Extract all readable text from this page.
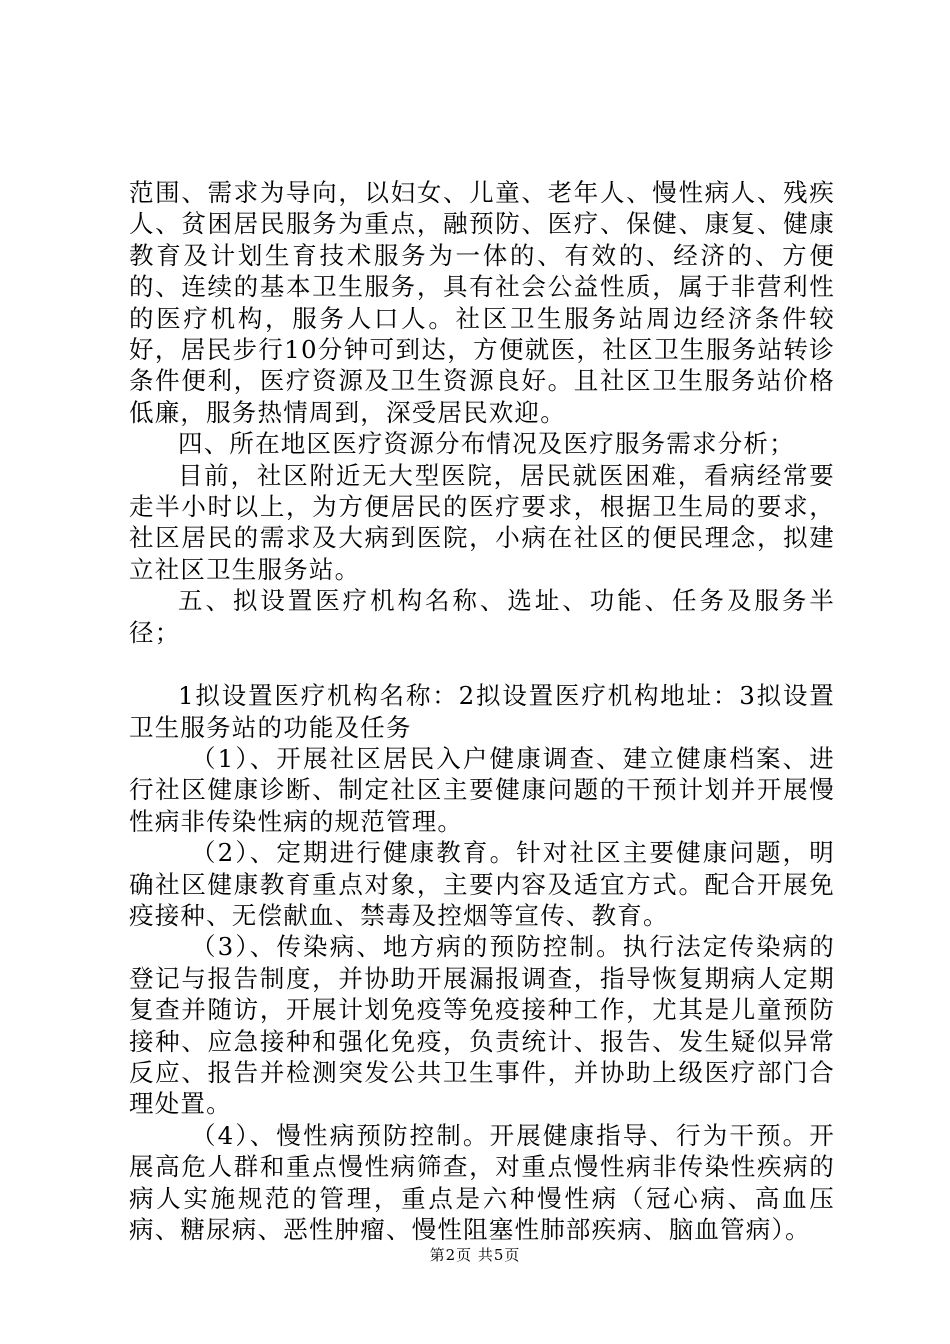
范围、需求为导向，以妇女、儿童、老年人、慢性病人、残疾人、贫困居民服务为重点，融预防、医疗、保健、康复、健康教育及计划生育技术服务为一体的、有效的、经济的、方便的、连续的基本卫生服务，具有社会公益性质，属于非营利性的医疗机构，服务人口人。社区卫生服务站周边经济条件较好，居民步行10分钟可到达，方便就医，社区卫生服务站转诊条件便利，医疗资源及卫生资源良好。且社区卫生服务站价格低廉，服务热情周到，深受居民欢迎。

四、所在地区医疗资源分布情况及医疗服务需求分析；

目前，社区附近无大型医院，居民就医困难，看病经常要走半小时以上，为方便居民的医疗要求，根据卫生局的要求，社区居民的需求及大病到医院，小病在社区的便民理念，拟建立社区卫生服务站。

五、拟设置医疗机构名称、选址、功能、任务及服务半径；

1拟设置医疗机构名称：2拟设置医疗机构地址：3拟设置卫生服务站的功能及任务

（1）、开展社区居民入户健康调查、建立健康档案、进行社区健康诊断、制定社区主要健康问题的干预计划并开展慢性病非传染性病的规范管理。

（2）、定期进行健康教育。针对社区主要健康问题，明确社区健康教育重点对象，主要内容及适宜方式。配合开展免疫接种、无偿献血、禁毒及控烟等宣传、教育。

（3）、传染病、地方病的预防控制。执行法定传染病的登记与报告制度，并协助开展漏报调查，指导恢复期病人定期复查并随访，开展计划免疫等免疫接种工作，尤其是儿童预防接种、应急接种和强化免疫，负责统计、报告、发生疑似异常反应、报告并检测突发公共卫生事件，并协助上级医疗部门合理处置。

（4）、慢性病预防控制。开展健康指导、行为干预。开展高危人群和重点慢性病筛查，对重点慢性病非传染性疾病的病人实施规范的管理，重点是六种慢性病（冠心病、高血压病、糖尿病、恶性肿瘤、慢性阻塞性肺部疾病、脑血管病）。

第2页 共5页
